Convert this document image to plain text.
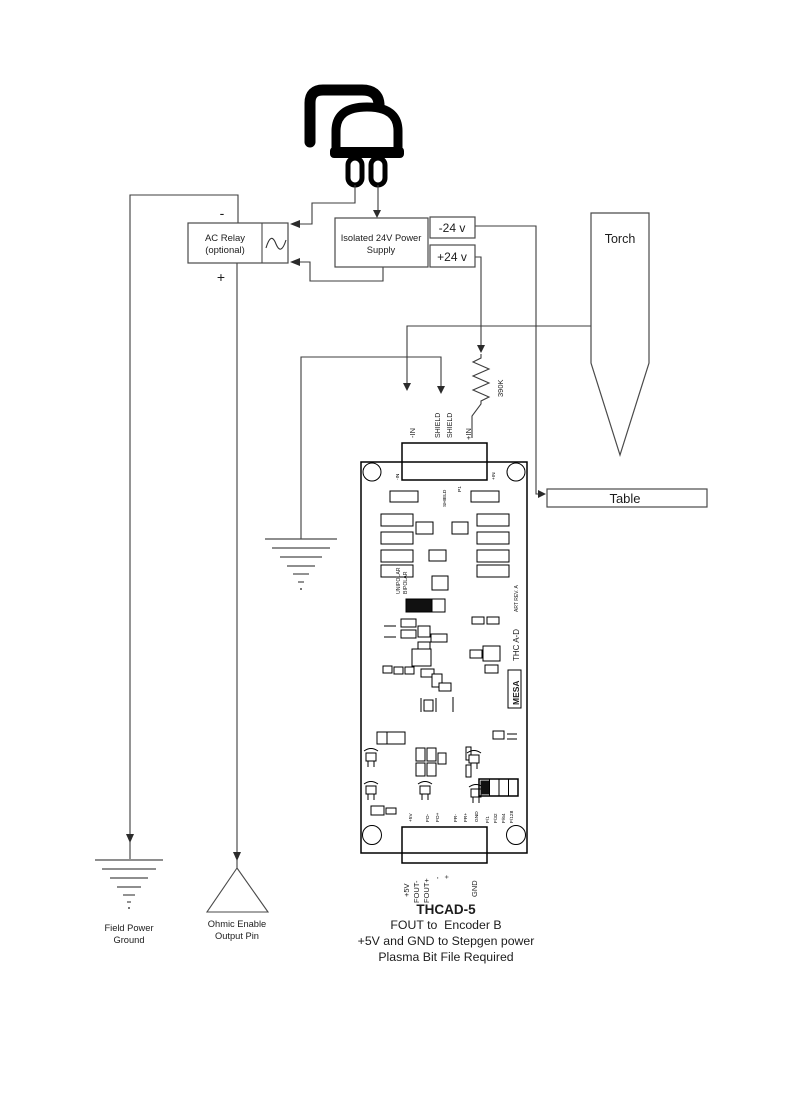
390K
AC Relay
(optional)
-
+
Isolated 24V Power
Supply
-24 v
+24 v
Torch
Table
Field Power
Ground
Ohmic Enable
Output Pin
-IN	SHIELD SHIELD +IN
-IN	+IN
SHIELD
P1
UNIPOLAR BIPOLAR
MESA
THC A-D
ART REV. A
+5V	FO- FO+	FR- FR+ GND F/1 F/32 F/64 F/128
+5V FOUT- FOUT+
- +
GND
THCAD-5
FOUT to  Encoder B
+5V and GND to Stepgen power
Plasma Bit File Required
